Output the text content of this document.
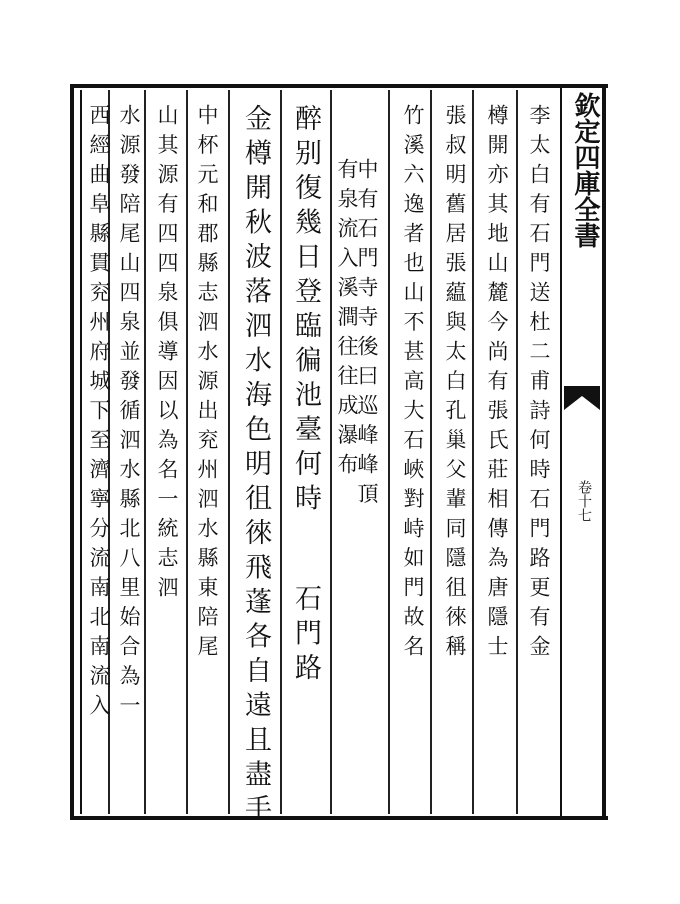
欽定四庫全書
卷十七
李太白有石門送杜二甫詩何時石門路更有金
樽開亦其地山麓今尚有張氏莊相傳為唐隱士
張叔明舊居張藴與太白孔巢父輩同隱徂徠稱
竹溪六逸者也山不甚高大石峽對峙如門故名
中有石門寺寺後曰巡峰峰頂
有泉流入溪澗往往成瀑布
醉别復幾日登臨徧池臺何時
石門路
金樽開秋波落泗水海色明徂徠飛蓬各自遠且盡手
中杯元和郡縣志泗水源出兖州泗水縣東陪尾
山其源有四四泉俱導因以為名一統志泗
水源發陪尾山四泉並發循泗水縣北八里始合為一
西經曲阜縣貫兖州府城下至濟寧分流南北南流入
